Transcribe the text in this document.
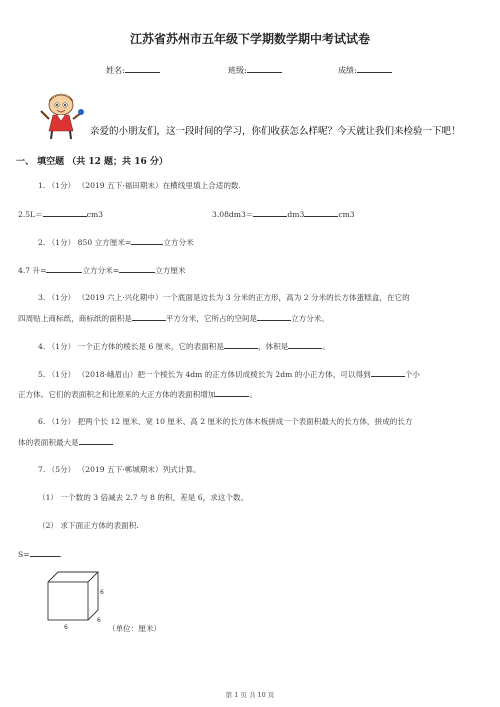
江苏省苏州市五年级下学期数学期中考试试卷
姓名:	班级:	成绩:
亲爱的小朋友们，这一段时间的学习，你们收获怎么样呢？今天就让我们来检验一下吧！
一、 填空题 （共 12 题；共 16 分）
1. （1分） （2019 五下·福田期末）在横线里填上合适的数.
2.5L＝	cm3	3.08dm3＝	dm3	cm3
2. （1分） 850 立方厘米=	立方分米
4.7 升=	立方分米=	立方厘米
3. （1分） （2019 六上·兴化期中）一个底面是边长为 3 分米的正方形，高为 2 分米的长方体蛋糕盒，在它的
四周贴上商标纸，商标纸的面积是	平方分米，它所占的空间是	立方分米。
4. （1分） 一个正方体的棱长是 6 厘米，它的表面积是	，体积是	。
5. （1分） （2018·峨眉山）把一个棱长为 4dm 的正方体切成棱长为 2dm 的小正方体，可以得到	个小
正方体。它们的表面积之和比原来的大正方体的表面积增加	。
6. （1分） 把两个长 12 厘米、宽 10 厘米、高 2 厘米的长方体木板拼成一个表面积最大的长方体，拼成的长方
体的表面积最大是
7. （5分） （2019 五下·郸城期末）列式计算。
（1） 一个数的 3 倍减去 2.7 与 8 的积，差是 6，求这个数。
（2） 求下面正方体的表面积.
S=	.
6
6
6	（单位：厘米）
第 1 页 共 10 页
